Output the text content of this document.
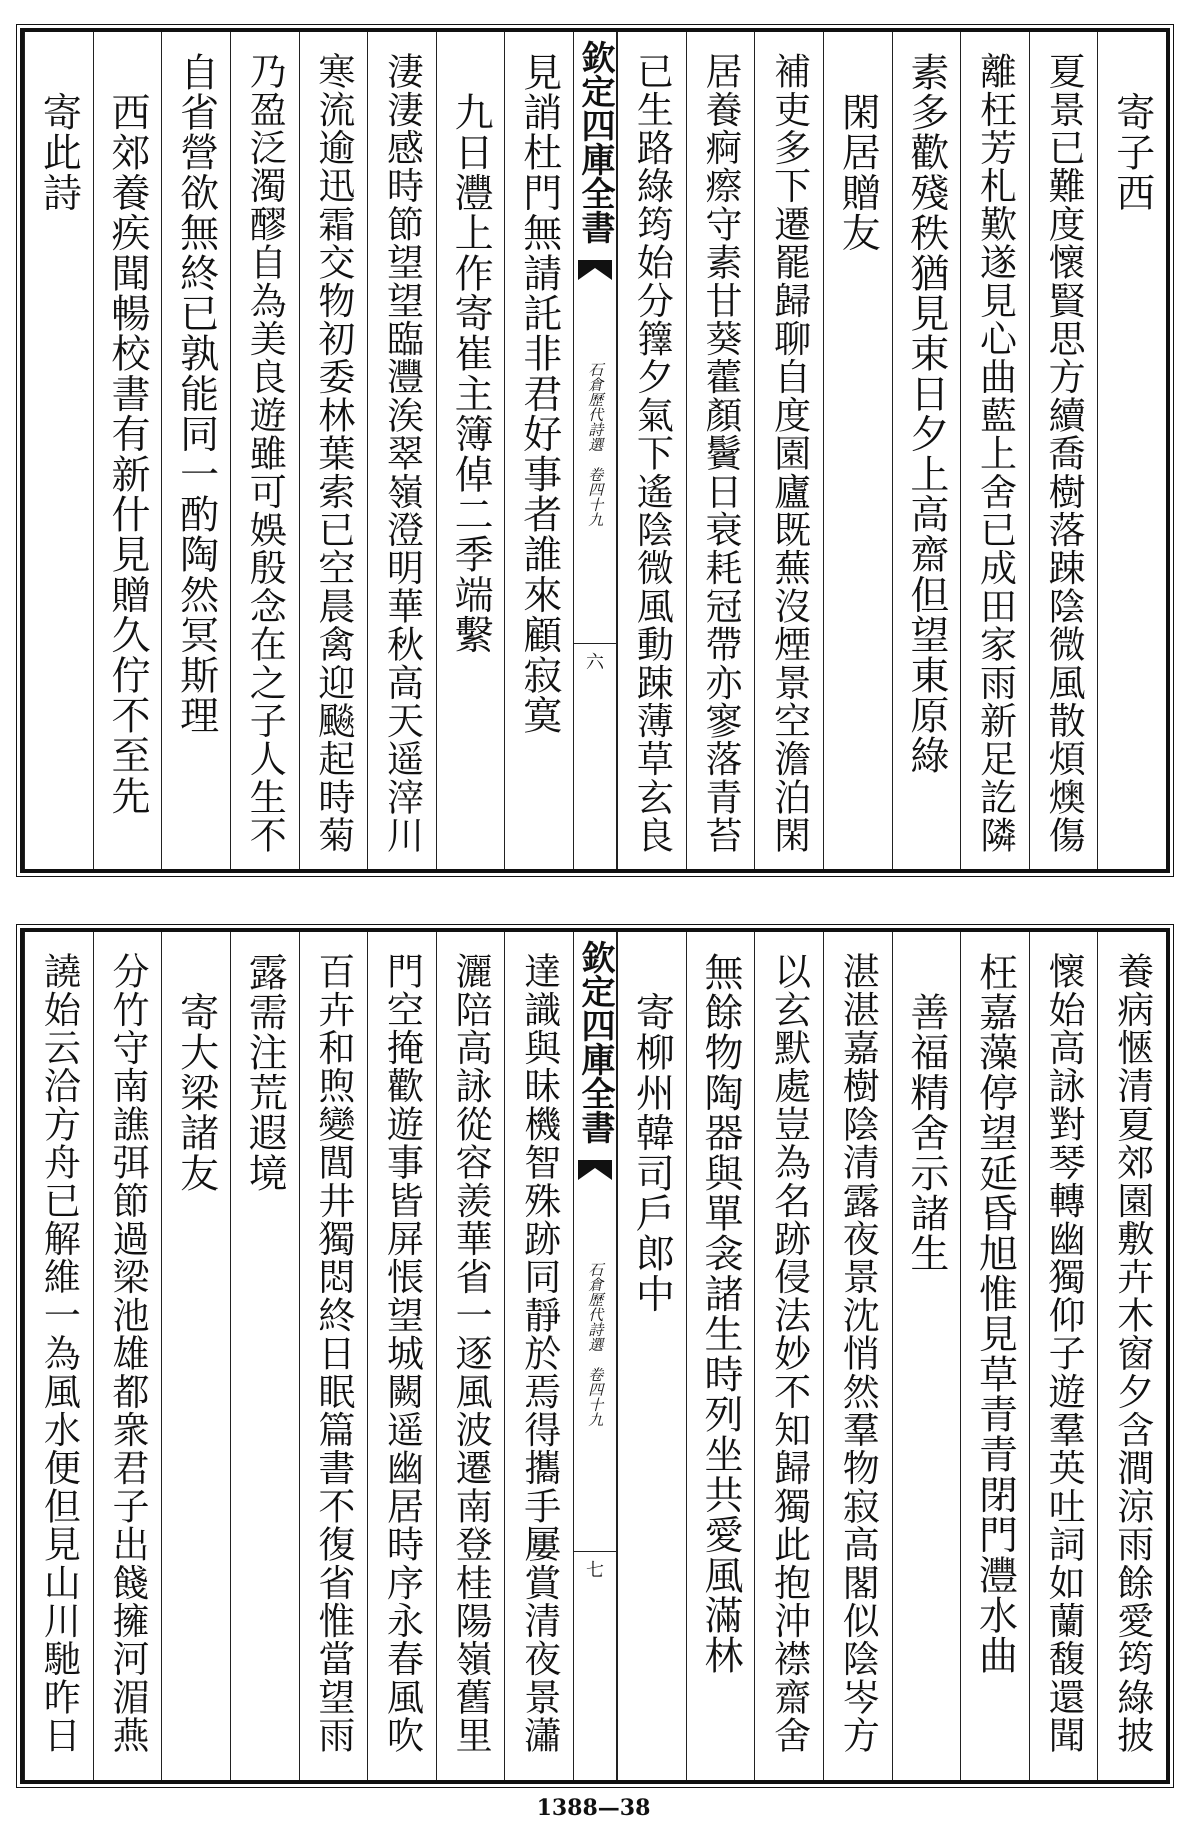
　寄子西
夏景已難度懷賢思方續喬樹落踈陰微風散煩燠傷
離枉芳札歎遂見心曲藍上舍已成田家雨新足訖隣
素多歡殘秩猶見束日夕上高齋但望東原綠
　閑居贈友
補吏多下遷罷歸聊自度園廬既蕪沒煙景空澹泊閑
居養痾瘵守素甘葵藿顏鬢日衰耗冠帶亦寥落青苔
已生路綠筠始分籜夕氣下遙陰微風動踈薄草玄良
欽定四庫全書
石倉歷代詩選　卷四十九
六
見誚杜門無請託非君好事者誰來顧寂寞
　九日灃上作寄崔主簿倬二季端繫
淒淒感時節望望臨灃涘翠嶺澄明華秋高天遥滓川
寒流逾迅霜交物初委林葉索已空晨禽迎飈起時菊
乃盈泛濁醪自為美良遊雖可娛殷念在之子人生不
自省營欲無終已孰能同一酌陶然冥斯理
　西郊養疾聞暢校書有新什見贈久佇不至先
　寄此詩
養病愜清夏郊園敷卉木窗夕含澗涼雨餘愛筠綠披
懷始高詠對琴轉幽獨仰子遊羣英吐詞如蘭馥還聞
枉嘉藻停望延昏旭惟見草青青閉門灃水曲
　善福精舍示諸生
湛湛嘉樹陰清露夜景沈悄然羣物寂高閣似陰岑方
以玄默處豈為名跡侵法妙不知歸獨此抱沖襟齋舍
無餘物陶器與單衾諸生時列坐共愛風滿林
　寄柳州韓司戶郎中
欽定四庫全書
石倉歷代詩選　卷四十九
七
達識與昧機智殊跡同靜於焉得攜手屢賞清夜景瀟
灑陪高詠從容羨華省一逐風波遷南登桂陽嶺舊里
門空掩歡遊事皆屏悵望城闕遥幽居時序永春風吹
百卉和煦變閭井獨悶終日眠篇書不復省惟當望雨
露需注荒遐境
　寄大梁諸友
分竹守南譙弭節過梁池雄都衆君子出餞擁河湄燕
譊始云洽方舟已解維一為風水便但見山川馳昨日
1388—38
